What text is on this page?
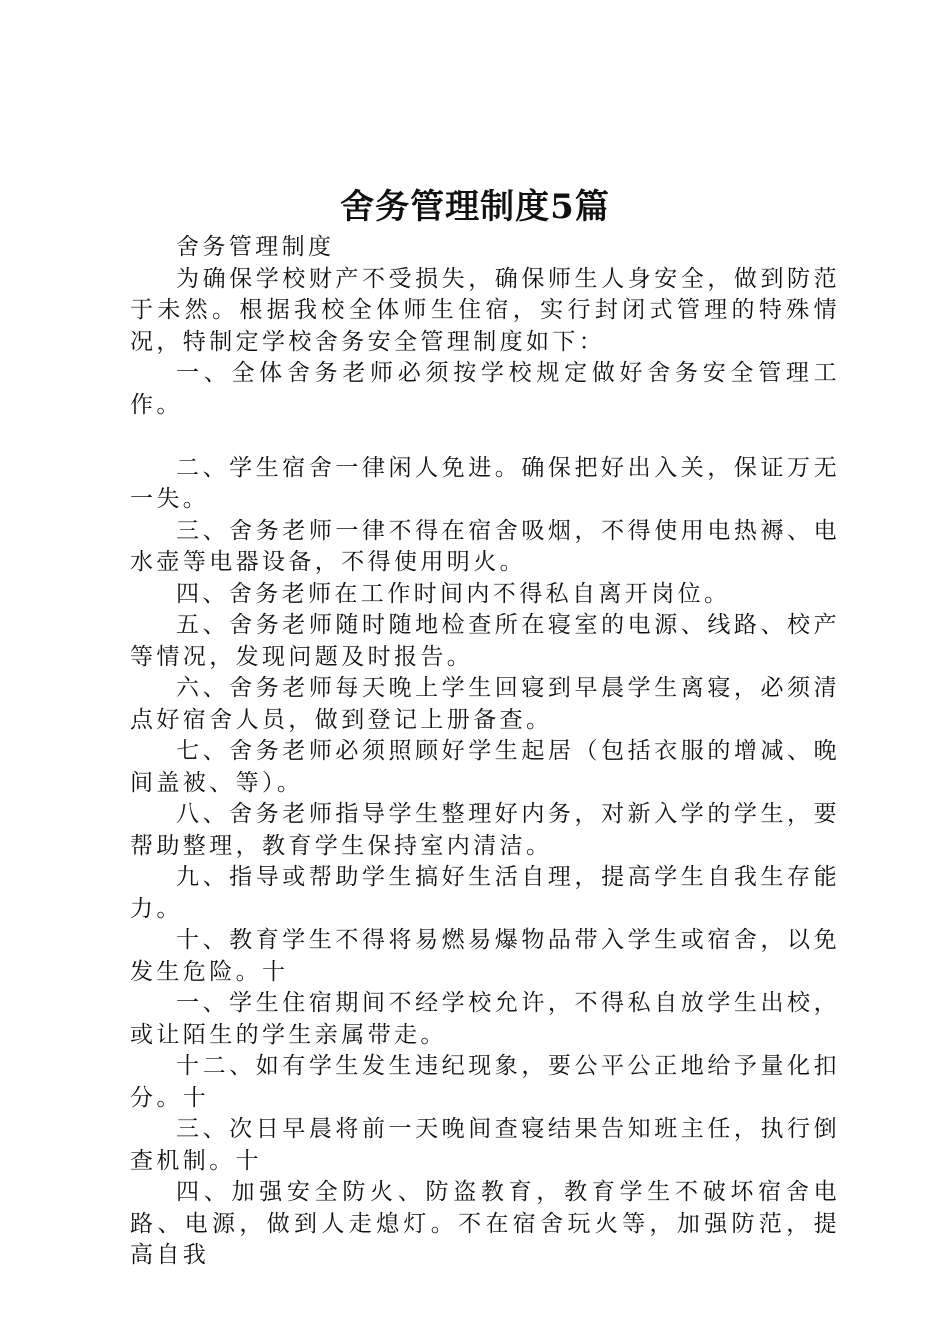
舍务管理制度5篇

舍务管理制度

为确保学校财产不受损失，确保师生人身安全，做到防范于未然。根据我校全体师生住宿，实行封闭式管理的特殊情况，特制定学校舍务安全管理制度如下：

一、全体舍务老师必须按学校规定做好舍务安全管理工作。

二、学生宿舍一律闲人免进。确保把好出入关，保证万无一失。

三、舍务老师一律不得在宿舍吸烟，不得使用电热褥、电水壶等电器设备，不得使用明火。

四、舍务老师在工作时间内不得私自离开岗位。

五、舍务老师随时随地检查所在寝室的电源、线路、校产等情况，发现问题及时报告。

六、舍务老师每天晚上学生回寝到早晨学生离寝，必须清点好宿舍人员，做到登记上册备查。

七、舍务老师必须照顾好学生起居（包括衣服的增减、晚间盖被、等）。

八、舍务老师指导学生整理好内务，对新入学的学生，要帮助整理，教育学生保持室内清洁。

九、指导或帮助学生搞好生活自理，提高学生自我生存能力。

十、教育学生不得将易燃易爆物品带入学生或宿舍，以免发生危险。十

一、学生住宿期间不经学校允许，不得私自放学生出校，或让陌生的学生亲属带走。

十二、如有学生发生违纪现象，要公平公正地给予量化扣分。十

三、次日早晨将前一天晚间查寝结果告知班主任，执行倒查机制。十

四、加强安全防火、防盗教育，教育学生不破坏宿舍电路、电源，做到人走熄灯。不在宿舍玩火等，加强防范，提高自我
